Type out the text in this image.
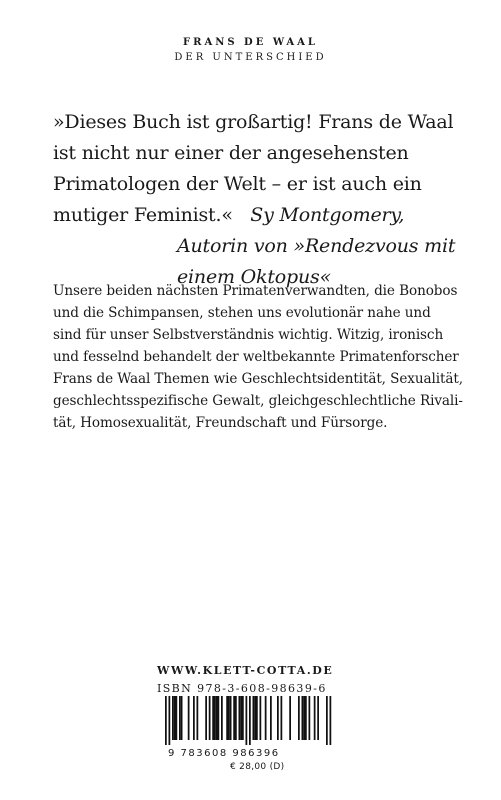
FRANS DE WAAL
DER UNTERSCHIED
»Dieses Buch ist großartig! Frans de Waal
ist nicht nur einer der angesehensten
Primatologen der Welt – er ist auch ein
mutiger Feminist.« Sy Montgomery,
Autorin von »Rendezvous mit einem Oktopus«
Unsere beiden nächsten Primatenverwandten, die Bonobos
und die Schimpansen, stehen uns evolutionär nahe und
sind für unser Selbstverständnis wichtig. Witzig, ironisch
und fesselnd behandelt der weltbekannte Primatenforscher
Frans de Waal Themen wie Geschlechtsidentität, Sexualität,
geschlechtsspezifische Gewalt, gleichgeschlechtliche Rivali-
tät, Homosexualität, Freundschaft und Fürsorge.
WWW.KLETT-COTTA.DE
ISBN 978-3-608-98639-6
9 783608 986396
€ 28,00 (D)
